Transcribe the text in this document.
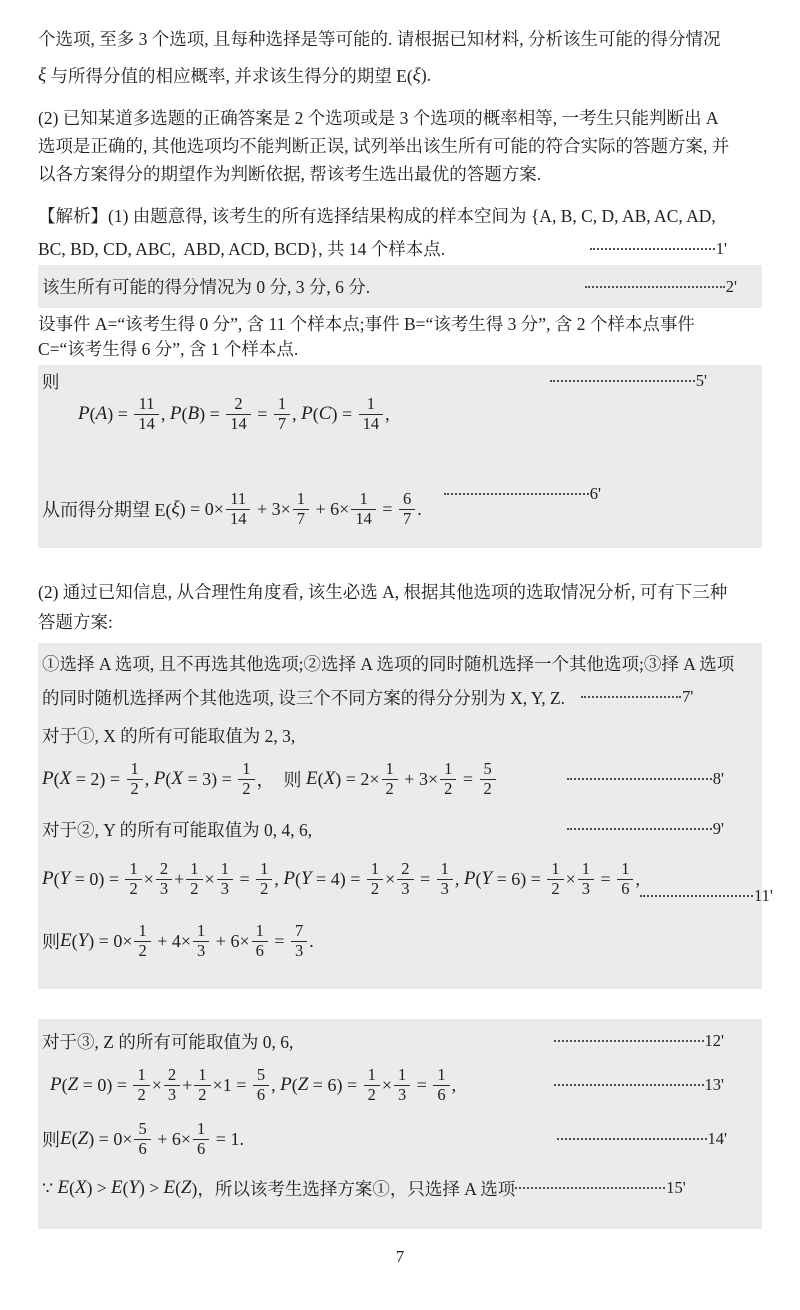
个选项, 至多 3 个选项, 且每种选择是等可能的. 请根据已知材料, 分析该生可能的得分情况
ξ 与所得分值的相应概率, 并求该生得分的期望 E( ξ ).
(2) 已知某道多选题的正确答案是 2 个选项或是 3 个选项的概率相等, 一考生只能判断出 A
选项是正确的, 其他选项均不能判断正误, 试列举出该生所有可能的符合实际的答题方案, 并
以各方案得分的期望作为判断依据, 帮该考生选出最优的答题方案.
【解析】(1) 由题意得, 该考生的所有选择结果构成的样本空间为 {A, B, C, D, AB, AC, AD,
BC, BD, CD, ABC,  ABD, ACD, BCD}, 共 14 个样本点.	1'
该生所有可能的得分情况为 0 分, 3 分, 6 分.	2'
设事件 A=“该考生得 0 分”, 含 11 个样本点;事件 B=“该考生得 3 分”, 含 2 个样本点事件
C=“该考生得 6 分”, 含 1 个样本点.
则	5'
P ( A ) = $\frac{11}{14}$ , P ( B ) = $\frac{2}{14} = \frac{1}{7}$ , P ( C ) = $\frac{1}{14}$ ,
从而得分期望 E( ξ ) = $0\times \frac{11}{14} + 3\times \frac{1}{7} + 6\times \frac{1}{14} = \frac{6}{7}$ .
6'
(2) 通过已知信息, 从合理性角度看, 该生必选 A, 根据其他选项的选取情况分析, 可有下三种
答题方案:
①选择 A 选项, 且不再选其他选项;②选择 A 选项的同时随机选择一个其他选项;③择 A 选项
的同时随机选择两个其他选项, 设三个不同方案的得分分别为 X, Y, Z.	7'
对于①, X 的所有可能取值为 2, 3,
P ( $X = 2) = \frac{1}{2}$ , P ( $X = 3) = \frac{1}{2}$ ，  则 E ( X ) = $2\times \frac{1}{2} + 3\times \frac{1}{2} = \frac{5}{2}$	8'
对于②, Y 的所有可能取值为 0, 4, 6,	9'
P ( $Y = 0) = \frac{1}{2} \times \frac{2}{3} + \frac{1}{2} \times \frac{1}{3} = \frac{1}{2}$ , P ( $Y = 4) = \frac{1}{2} \times \frac{2}{3} = \frac{1}{3}$ , P ( $Y = 6) = \frac{1}{2} \times \frac{1}{3} = \frac{1}{6}$ ,
11'
则 E ( Y ) = $0\times \frac{1}{2} + 4\times \frac{1}{3} + 6\times \frac{1}{6} = \frac{7}{3}$ .
对于③, Z 的所有可能取值为 0, 6,	12'
P ( $Z = 0) = \frac{1}{2} \times \frac{2}{3} + \frac{1}{2} \times 1 = \frac{5}{6}$ , P ( $Z = 6) = \frac{1}{2} \times \frac{1}{3} = \frac{1}{6}$ ,	13'
则 E ( Z ) = $0\times \frac{5}{6} + 6\times \frac{1}{6} = 1$.	14'
∵ E ( X ) > E ( Y ) > E ( Z )，所以该考生选择方案①，只选择 A 选项	15'
7
